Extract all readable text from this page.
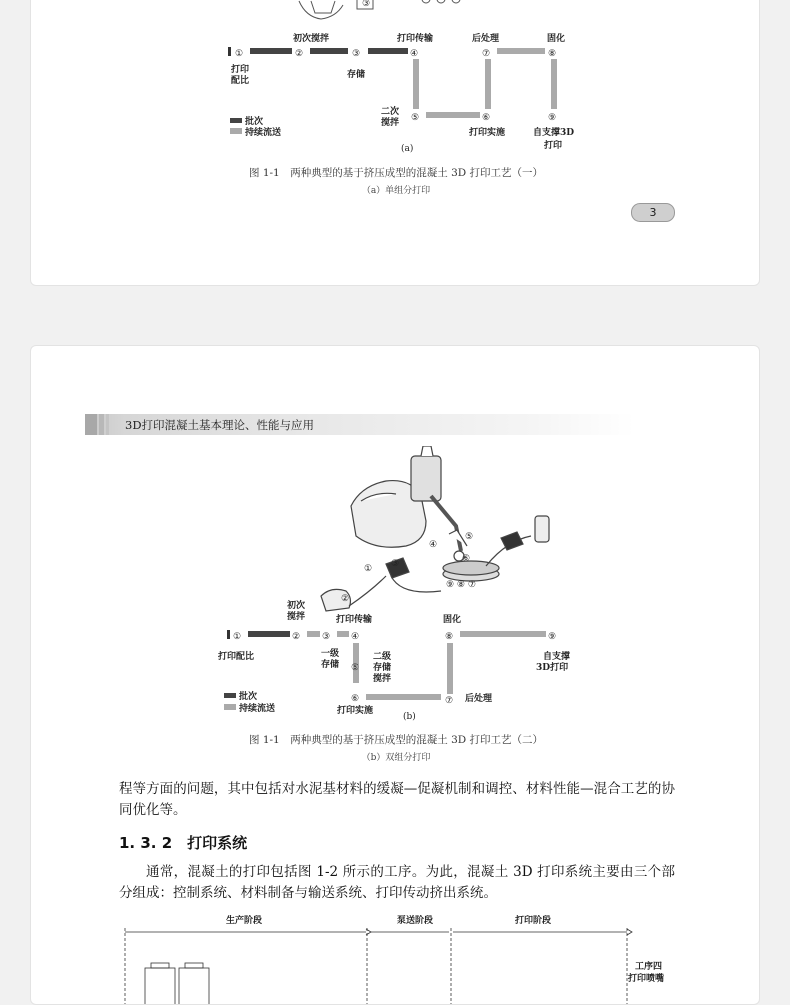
③
初次搅拌	打印传输	后处理	固化
①	②	③	④	⑦	⑧
打印
配比
存储
二次
搅拌 ⑤	⑥	⑨
批次
持续流送	打印实施	自支撑3D
打印
(a)
图 1-1　两种典型的基于挤压成型的混凝土 3D 打印工艺（一）
（a）单组分打印
3
3D打印混凝土基本理论、性能与应用
④
⑤
⑥
⑨ ⑧ ⑦
①
②
③
初次
搅拌	打印传输	固化
①	② ③ ④	⑧	⑨
打印配比	一级
存储 ⑤
二级
存储
搅拌
自支撑
3D打印
⑥	⑦ 后处理
批次
持续流送	打印实施
(b)
图 1-1　两种典型的基于挤压成型的混凝土 3D 打印工艺（二）
（b）双组分打印
程等方面的问题，其中包括对水泥基材料的缓凝—促凝机制和调控、材料性能—混合工艺的协同优化等。
1. 3. 2　打印系统
通常，混凝土的打印包括图 1-2 所示的工序。为此，混凝土 3D 打印系统主要由三个部分组成：控制系统、材料制备与输送系统、打印传动挤出系统。
生产阶段	泵送阶段	打印阶段
工序四
打印喷嘴
